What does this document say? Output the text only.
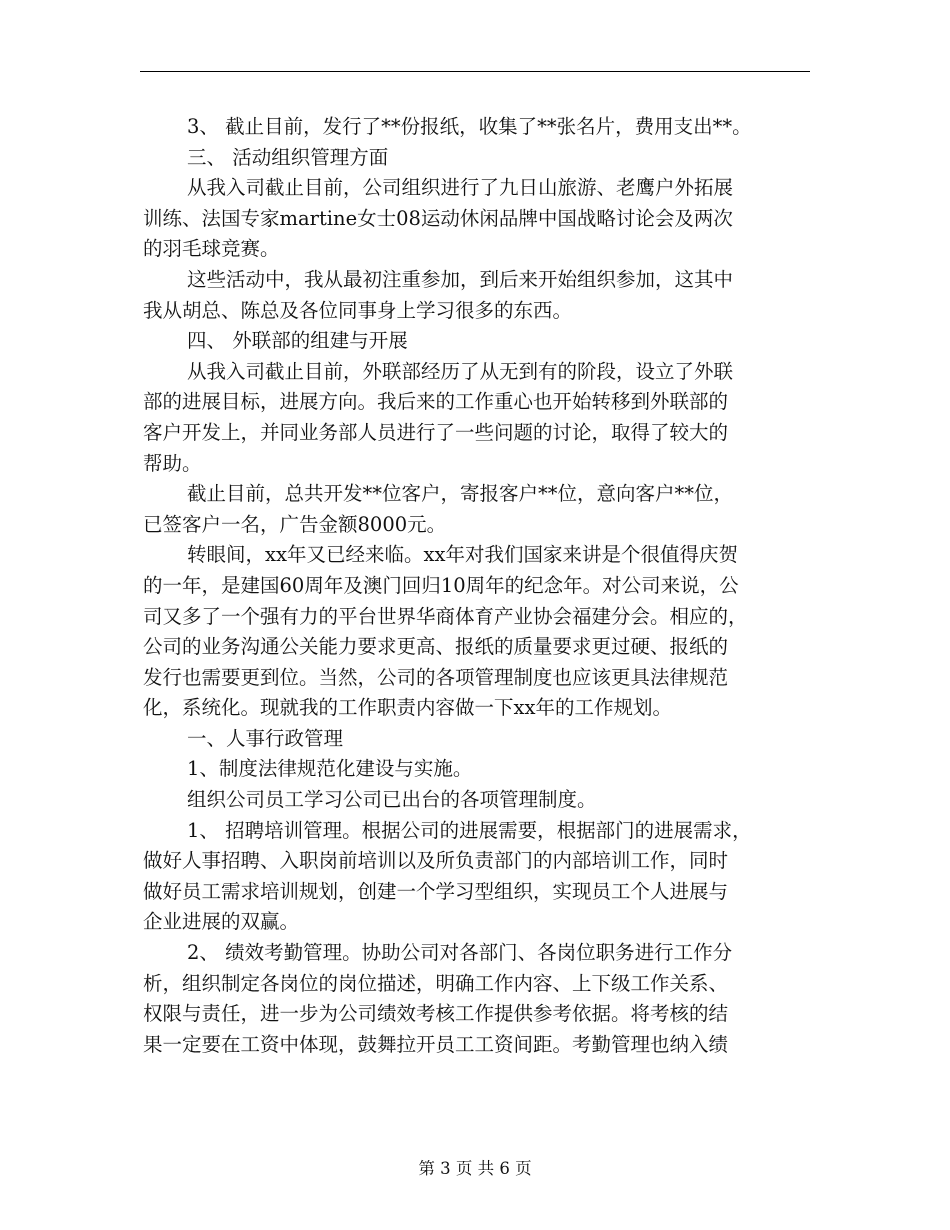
3、 截止目前，发行了**份报纸，收集了**张名片，费用支出**。

三、 活动组织管理方面

从我入司截止目前，公司组织进行了九日山旅游、老鹰户外拓展

训练、法国专家martine女士08运动休闲品牌中国战略讨论会及两次

的羽毛球竞赛。

这些活动中，我从最初注重参加，到后来开始组织参加，这其中

我从胡总、陈总及各位同事身上学习很多的东西。

四、 外联部的组建与开展

从我入司截止目前，外联部经历了从无到有的阶段，设立了外联

部的进展目标，进展方向。我后来的工作重心也开始转移到外联部的

客户开发上，并同业务部人员进行了一些问题的讨论，取得了较大的

帮助。

截止目前，总共开发**位客户，寄报客户**位，意向客户**位，

已签客户一名，广告金额8000元。

转眼间，xx年又已经来临。xx年对我们国家来讲是个很值得庆贺

的一年，是建国60周年及澳门回归10周年的纪念年。对公司来说，公

司又多了一个强有力的平台世界华商体育产业协会福建分会。相应的，

公司的业务沟通公关能力要求更高、报纸的质量要求更过硬、报纸的

发行也需要更到位。当然，公司的各项管理制度也应该更具法律规范

化，系统化。现就我的工作职责内容做一下xx年的工作规划。

一、人事行政管理

1、制度法律规范化建设与实施。

组织公司员工学习公司已出台的各项管理制度。

1、 招聘培训管理。根据公司的进展需要，根据部门的进展需求，

做好人事招聘、入职岗前培训以及所负责部门的内部培训工作，同时

做好员工需求培训规划，创建一个学习型组织，实现员工个人进展与

企业进展的双赢。

2、 绩效考勤管理。协助公司对各部门、各岗位职务进行工作分

析，组织制定各岗位的岗位描述，明确工作内容、上下级工作关系、

权限与责任，进一步为公司绩效考核工作提供参考依据。将考核的结

果一定要在工资中体现，鼓舞拉开员工工资间距。考勤管理也纳入绩

第 3 页 共 6 页
